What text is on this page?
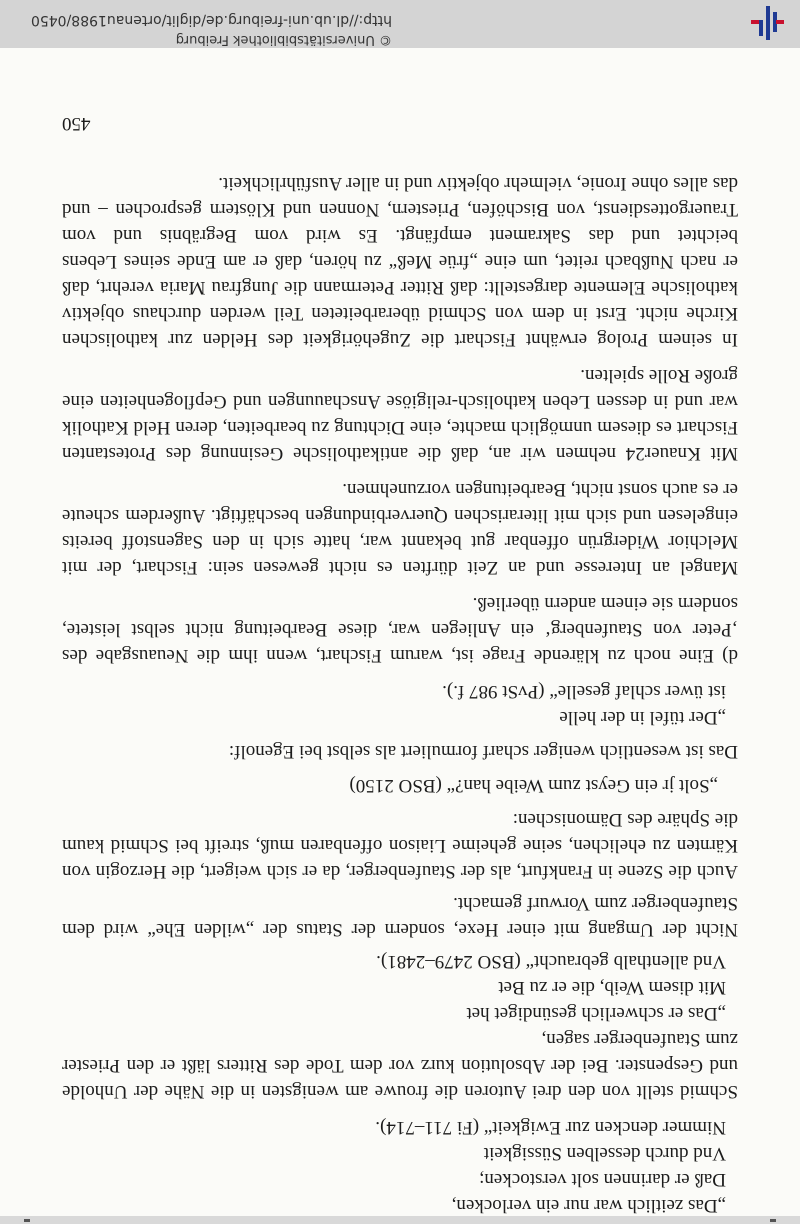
„Das zeitlich war nur ein verlocken,
Daß er darinnen solt verstocken;
Vnd durch desselben Süssigkeit
Nimmer dencken zur Ewigkeit“ (Fi 711–714).

Schmid stellt von den drei Autoren die frouwe am wenigsten in die Nähe der Unholde und Gespenster. Bei der Absolution kurz vor dem Tode des Ritters läßt er den Priester zum Staufenberger sagen,

„Das er schwerlich gesündiget het
Mit disem Weib, die er zu Bet
Vnd allenthalb gebraucht“ (BSO 2479–2481).

Nicht der Umgang mit einer Hexe, sondern der Status der „wilden Ehe“ wird dem Staufenberger zum Vorwurf gemacht.

Auch die Szene in Frankfurt, als der Staufenberger, da er sich weigert, die Herzogin von Kärnten zu ehelichen, seine geheime Liaison offenbaren muß, streift bei Schmid kaum die Sphäre des Dämonischen:

„Solt jr ein Geyst zum Weibe han?“ (BSO 2150)

Das ist wesentlich weniger scharf formuliert als selbst bei Egenolf:

„Der tüfel in der helle
ist üwer schlaf geselle“ (PvSt 987 f.).

d) Eine noch zu klärende Frage ist, warum Fischart, wenn ihm die Neuausgabe des ‚Peter von Staufenberg‘ ein Anliegen war, diese Bearbeitung nicht selbst leistete, sondern sie einem andern überließ.

Mangel an Interesse und an Zeit dürften es nicht gewesen sein: Fischart, der mit Melchior Widergrün offenbar gut bekannt war, hatte sich in den Sagenstoff bereits eingelesen und sich mit literarischen Querverbindungen beschäftigt. Außerdem scheute er es auch sonst nicht, Bearbeitungen vorzunehmen.

Mit Knauer24 nehmen wir an, daß die antikatholische Gesinnung des Protestanten Fischart es diesem unmöglich machte, eine Dichtung zu bearbeiten, deren Held Katholik war und in dessen Leben katholisch-religiöse Anschauungen und Gepflogenheiten eine große Rolle spielten.

In seinem Prolog erwähnt Fischart die Zugehörigkeit des Helden zur katholischen Kirche nicht. Erst in dem von Schmid überarbeiteten Teil werden durchaus objektiv katholische Elemente dargestellt: daß Ritter Petermann die Jungfrau Maria verehrt, daß er nach Nußbach reitet, um eine „früe Meß“ zu hören, daß er am Ende seines Lebens beichtet und das Sakrament empfängt. Es wird vom Begräbnis und vom Trauergottesdienst, von Bischöfen, Priestern, Nonnen und Klöstern gesprochen – und das alles ohne Ironie, vielmehr objektiv und in aller Ausführlichkeit.

450
© Universitätsbibliothek Freiburg
http://dl.ub.uni-freiburg.de/diglit/ortenau1988/0450
